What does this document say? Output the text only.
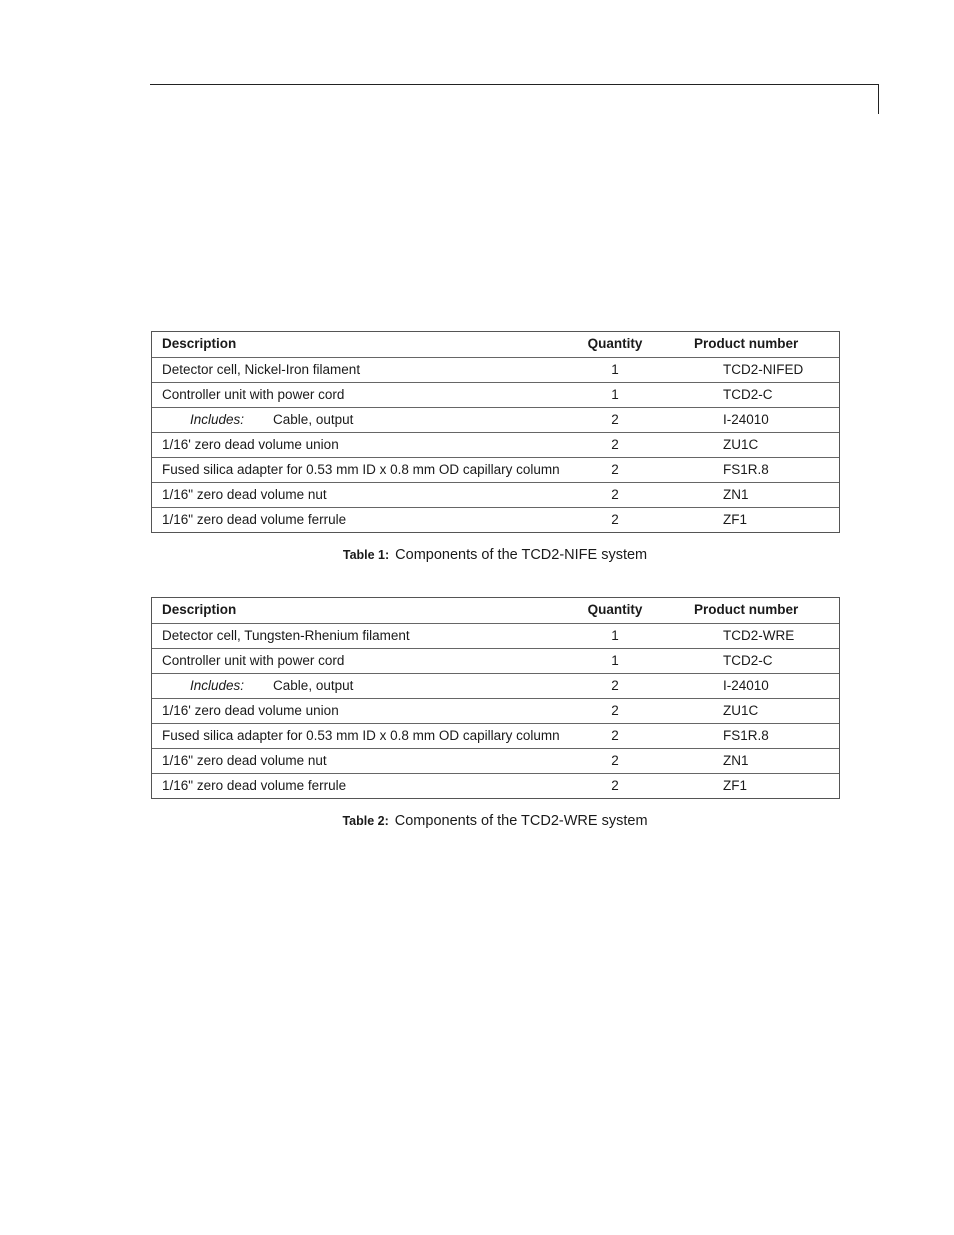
Description	Quantity	Product number
Detector cell, Nickel-Iron filament	1	TCD2-NIFED
Controller unit with power cord	1	TCD2-C
Includes: Cable, output	2	I-24010
1/16' zero dead volume union	2	ZU1C
Fused silica adapter for 0.53 mm ID x 0.8 mm OD capillary column	2	FS1R.8
1/16" zero dead volume nut	2	ZN1
1/16" zero dead volume ferrule	2	ZF1
Table 1: Components of the TCD2-NIFE system
Description	Quantity	Product number
Detector cell, Tungsten-Rhenium filament	1	TCD2-WRE
Controller unit with power cord	1	TCD2-C
Includes: Cable, output	2	I-24010
1/16' zero dead volume union	2	ZU1C
Fused silica adapter for 0.53 mm ID x 0.8 mm OD capillary column	2	FS1R.8
1/16" zero dead volume nut	2	ZN1
1/16" zero dead volume ferrule	2	ZF1
Table 2: Components of the TCD2-WRE system
